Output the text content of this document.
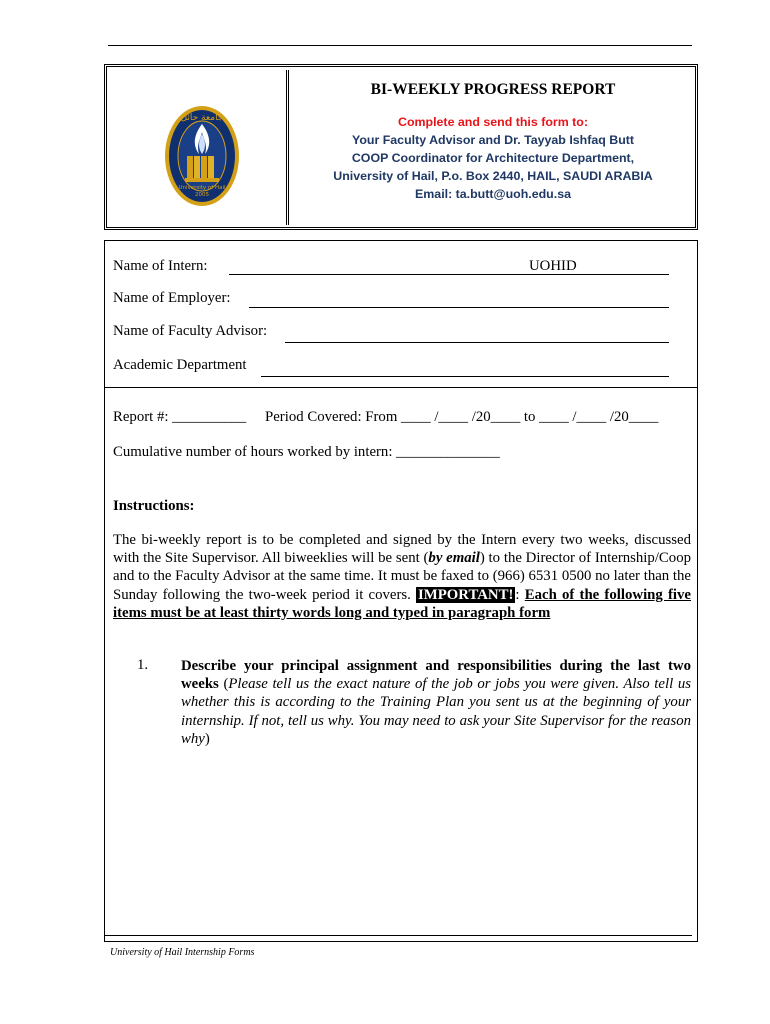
University of Hail
2005
جامعة حائل
BI-WEEKLY PROGRESS REPORT
Complete and send this form to:
Your Faculty Advisor and Dr. Tayyab Ishfaq Butt
COOP Coordinator for Architecture Department,
University of Hail, P.o. Box 2440, HAIL, SAUDI ARABIA
Email: ta.butt@uoh.edu.sa
Name of Intern:	UOHID
Name of Employer:
Name of Faculty Advisor:
Academic Department
Report #: __________ Period Covered: From ____ /____ /20____ to ____ /____ /20____
Cumulative number of hours worked by intern: ______________
Instructions:
The bi-weekly report is to be completed and signed by the Intern every two weeks, discussed with the Site Supervisor. All biweeklies will be sent (by email) to the Director of Internship/Coop and to the Faculty Advisor at the same time. It must be faxed to (966) 6531 0500 no later than the Sunday following the two-week period it covers. IMPORTANT! : Each of the following five items must be at least thirty words long and typed in paragraph form
1. Describe your principal assignment and responsibilities during the last two weeks (Please tell us the exact nature of the job or jobs you were given. Also tell us whether this is according to the Training Plan you sent us at the beginning of your internship. If not, tell us why. You may need to ask your Site Supervisor for the reason why)
University of Hail Internship Forms
